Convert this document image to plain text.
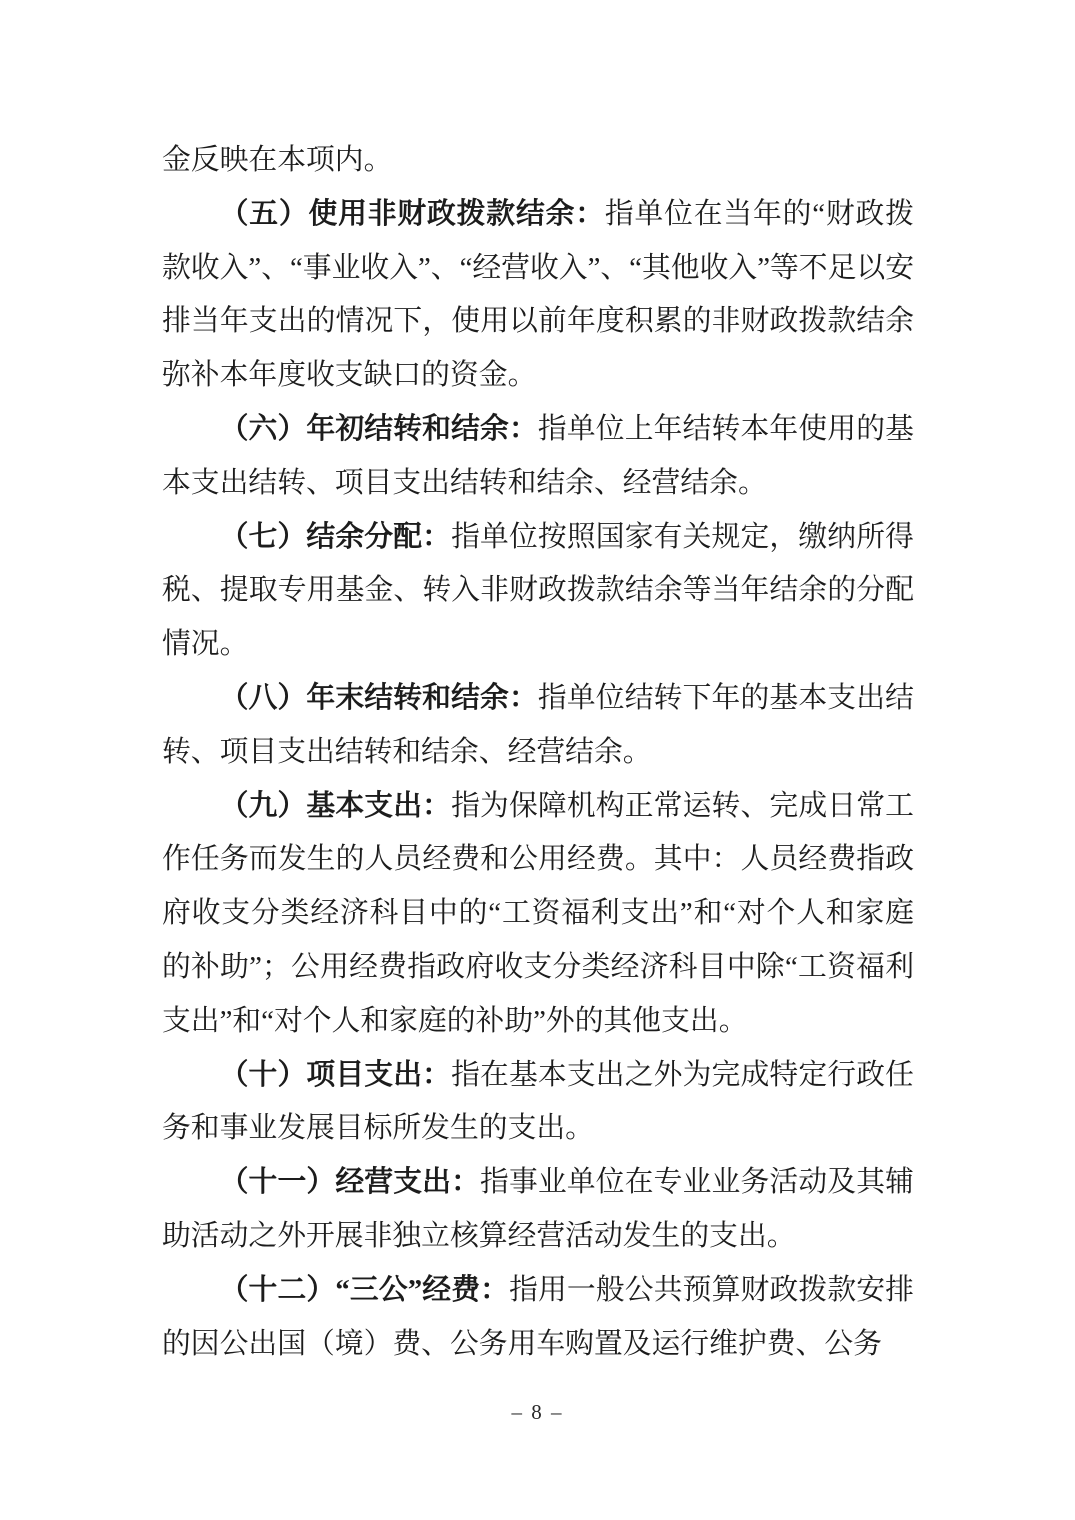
金反映在本项内。

（五）使用非财政拨款结余：指单位在当年的“财政拨款收入”、“事业收入”、“经营收入”、“其他收入”等不足以安排当年支出的情况下，使用以前年度积累的非财政拨款结余弥补本年度收支缺口的资金。

（六）年初结转和结余：指单位上年结转本年使用的基本支出结转、项目支出结转和结余、经营结余。

（七）结余分配：指单位按照国家有关规定，缴纳所得税、提取专用基金、转入非财政拨款结余等当年结余的分配情况。

（八）年末结转和结余：指单位结转下年的基本支出结转、项目支出结转和结余、经营结余。

（九）基本支出：指为保障机构正常运转、完成日常工作任务而发生的人员经费和公用经费。其中：人员经费指政府收支分类经济科目中的“工资福利支出”和“对个人和家庭的补助”；公用经费指政府收支分类经济科目中除“工资福利支出”和“对个人和家庭的补助”外的其他支出。

（十）项目支出：指在基本支出之外为完成特定行政任务和事业发展目标所发生的支出。

（十一）经营支出：指事业单位在专业业务活动及其辅助活动之外开展非独立核算经营活动发生的支出。

（十二）“三公”经费：指用一般公共预算财政拨款安排的因公出国（境）费、公务用车购置及运行维护费、公务

– 8 –
